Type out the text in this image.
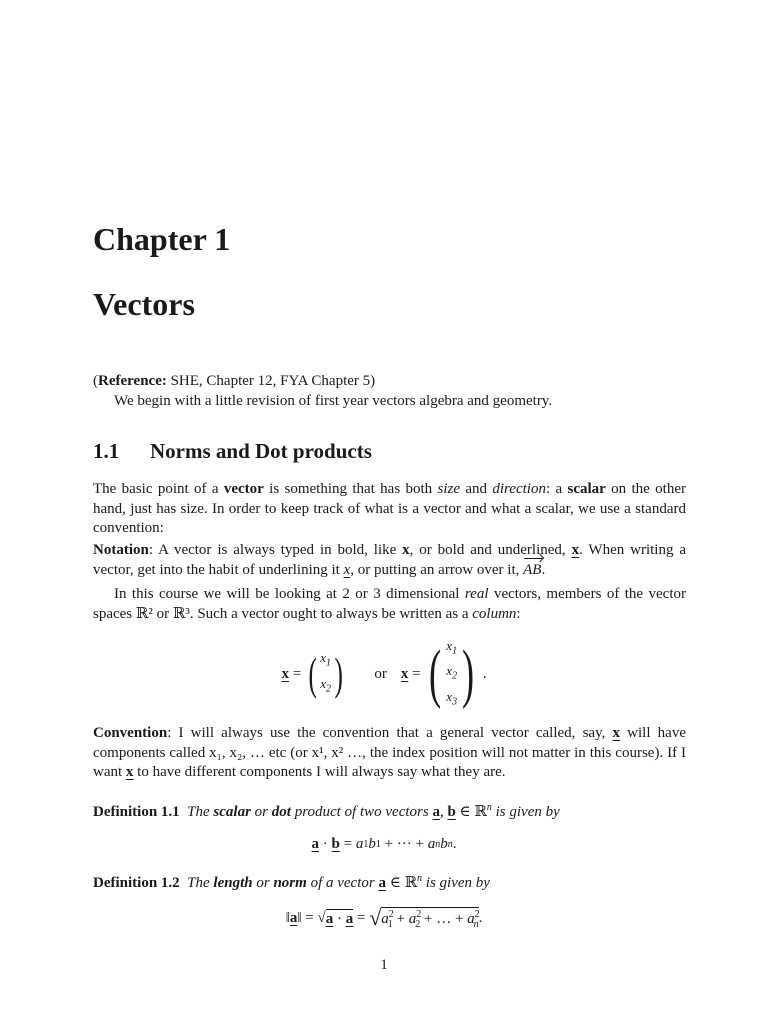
Chapter 1
Vectors

(Reference: SHE, Chapter 12, FYA Chapter 5)

We begin with a little revision of first year vectors algebra and geometry.

1.1 Norms and Dot products

The basic point of a vector is something that has both size and direction: a scalar on the other hand, just has size. In order to keep track of what is a vector and what a scalar, we use a standard convention:

Notation: A vector is always typed in bold, like x, or bold and underlined, x. When writing a vector, get into the habit of underlining it x, or putting an arrow over it, AB.

In this course we will be looking at 2 or 3 dimensional real vectors, members of the vector spaces ℝ² or ℝ³. Such a vector ought to always be written as a column:

x = ( $x_1$
$x_2$ ) or x = ( $x_1$
$x_2$
$x_3$ ) .

Convention: I will always use the convention that a general vector called, say, x will have components called x₁, x₂, … etc (or x¹, x² …, the index position will not matter in this course). If I want x to have different components I will always say what they are.

Definition 1.1 The scalar or dot product of two vectors a, b ∈ ℝ$^n$ is given by

a · b = a 1 b 1 + ··· + a n b n .

Definition 1.2 The length or norm of a vector a ∈ ℝ$^n$ is given by

‖ a ‖ = √ a · a = √ $a^2_1 + a^2_2$ + … + $a^2_n$ .
1
